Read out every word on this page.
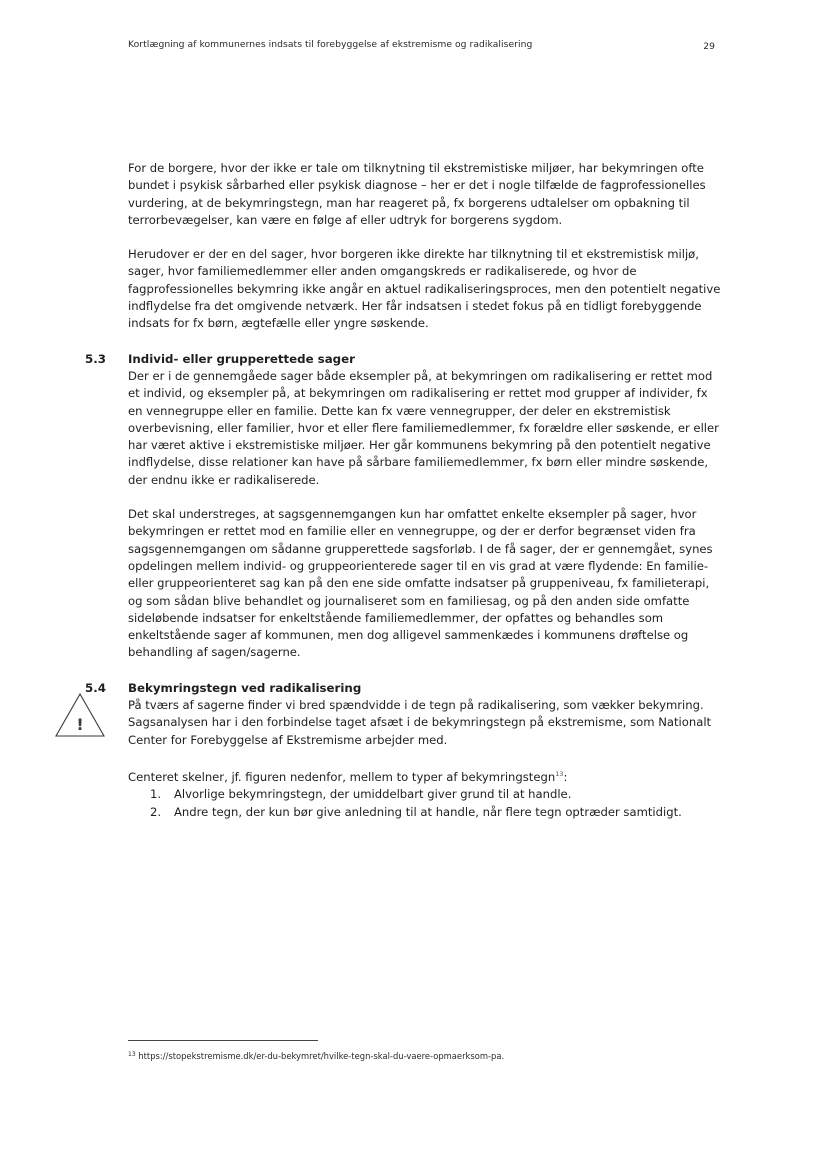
Kortlægning af kommunernes indsats til forebyggelse af ekstremisme og radikalisering	29

For de borgere, hvor der ikke er tale om tilknytning til ekstremistiske miljøer, har bekymringen ofte bundet i psykisk sårbarhed eller psykisk diagnose – her er det i nogle tilfælde de fagprofessionelles vurdering, at de bekymringstegn, man har reageret på, fx borgerens udtalelser om opbakning til terrorbevægelser, kan være en følge af eller udtryk for borgerens sygdom.

Herudover er der en del sager, hvor borgeren ikke direkte har tilknytning til et ekstremistisk miljø, sager, hvor familiemedlemmer eller anden omgangskreds er radikaliserede, og hvor de fagprofessionelles bekymring ikke angår en aktuel radikaliseringsproces, men den potentielt negative indflydelse fra det omgivende netværk. Her får indsatsen i stedet fokus på en tidligt forebyggende indsats for fx børn, ægtefælle eller yngre søskende.

5.3 Individ- eller grupperettede sager

Der er i de gennemgåede sager både eksempler på, at bekymringen om radikalisering er rettet mod et individ, og eksempler på, at bekymringen om radikalisering er rettet mod grupper af individer, fx en vennegruppe eller en familie. Dette kan fx være vennegrupper, der deler en ekstremistisk overbevisning, eller familier, hvor et eller flere familiemedlemmer, fx forældre eller søskende, er eller har været aktive i ekstremistiske miljøer. Her går kommunens bekymring på den potentielt negative indflydelse, disse relationer kan have på sårbare familiemedlemmer, fx børn eller mindre søskende, der endnu ikke er radikaliserede.

Det skal understreges, at sagsgennemgangen kun har omfattet enkelte eksempler på sager, hvor bekymringen er rettet mod en familie eller en vennegruppe, og der er derfor begrænset viden fra sagsgennemgangen om sådanne grupperettede sagsforløb. I de få sager, der er gennemgået, synes opdelingen mellem individ- og gruppeorienterede sager til en vis grad at være flydende: En familie- eller gruppeorienteret sag kan på den ene side omfatte indsatser på gruppeniveau, fx familieterapi, og som sådan blive behandlet og journaliseret som en familiesag, og på den anden side omfatte sideløbende indsatser for enkeltstående familiemedlemmer, der opfattes og behandles som enkeltstående sager af kommunen, men dog alligevel sammenkædes i kommunens drøftelse og behandling af sagen/sagerne.

5.4 Bekymringstegn ved radikalisering

På tværs af sagerne finder vi bred spændvidde i de tegn på radikalisering, som vækker bekymring. Sagsanalysen har i den forbindelse taget afsæt i de bekymringstegn på ekstremisme, som Nationalt Center for Forebyggelse af Ekstremisme arbejder med.

Centeret skelner, jf. figuren nedenfor, mellem to typer af bekymringstegn$^{13}$:

1. Alvorlige bekymringstegn, der umiddelbart giver grund til at handle.
2. Andre tegn, der kun bør give anledning til at handle, når flere tegn optræder samtidigt.
!
$^{13}$ https://stopekstremisme.dk/er-du-bekymret/hvilke-tegn-skal-du-vaere-opmaerksom-pa.
